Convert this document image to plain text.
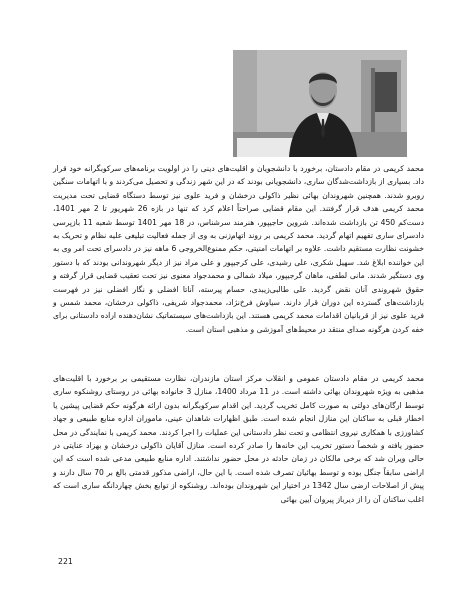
محمد کریمی در مقام دادستان، برخورد با دانشجویان و اقلیت‌های دینی را در اولویت برنامه‌های سرکوبگرانه خود قرار داد. بسیاری از بازداشت‌شدگان ساری، دانشجویانی بودند که در این شهر زندگی و تحصیل می‌کردند و با اتهامات سنگین روبرو شدند. همچنین شهروندان بهائی نظیر ذاکولی درخشان و فرید علوی نیز توسط دستگاه قضایی تحت مدیریت محمد کریمی هدف قرار گرفتند. این مقام قضایی صراحتاً اعلام کرد که تنها در بازه 26 شهریور تا 2 مهر 1401، دست‌کم 450 تن بازداشت شده‌اند. شروین حاجیپور، هنرمند سرشناس، در 18 مهر 1401 توسط شعبه 11 بازپرسی دادسرای ساری تفهیم اتهام گردید. محمد کریمی بر روند اتهام‌زنی به وی از جمله فعالیت تبلیغی علیه نظام و تحریک به خشونت نظارت مستقیم داشت. علاوه بر اتهامات امنیتی، حکم ممنوع‌الخروجی 6 ماهه نیز در دادسرای تحت امر وی به این خواننده ابلاغ شد. سهیل شکری، علی رشیدی، علی کرجیپور و علی مراد نیز از دیگر شهروندانی بودند که با دستور وی دستگیر شدند. مانی لطفی، ماهان گرجیپور، میلاد شمالی و محمدجواد معنوی نیز تحت تعقیب قضایی قرار گرفته و حقوق شهروندی آنان نقض گردید. علی طالبی‌زیبدی، حسام پیرسته، آناتا افضلی و نگار افضلی نیز در فهرست بازداشت‌های گسترده این دوران قرار دارند. سیاوش فرخ‌نژاد، محمدجواد شریفی، ذاکولی درخشان، محمد شمس و فرید علوی نیز از قربانیان اقدامات محمد کریمی هستند. این بازداشت‌های سیستماتیک نشان‌دهنده اراده دادستانی برای خفه کردن هرگونه صدای منتقد در محیط‌های آموزشی و مذهبی استان است.
محمد کریمی در مقام دادستان عمومی و انقلاب مرکز استان مازندران، نظارت مستقیمی بر برخورد با اقلیت‌های مذهبی به ویژه شهروندان بهائی داشته است. در 11 مرداد 1400، منازل 3 خانواده بهائی در روستای روشنکوه ساری توسط ارگان‌های دولتی به صورت کامل تخریب گردید. این اقدام سرکوبگرانه بدون ارائه هرگونه حکم قضایی پیشین یا اخطار قبلی به ساکنان این منازل انجام شده است. طبق اظهارات شاهدان عینی، ماموران اداره منابع طبیعی و جهاد کشاورزی با همکاری نیروی انتظامی و تحت نظر دادستانی این عملیات را اجرا کردند. محمد کریمی با نمایندگی در محل حضور یافته و شخصاً دستور تخریب این خانه‌ها را صادر کرده است. منازل آقایان ذاکولی درخشان و بهزاد عنایتی در حالی ویران شد که برخی مالکان در زمان حادثه در محل حضور نداشتند. اداره منابع طبیعی مدعی شده است که این اراضی سابقاً جنگل بوده و توسط بهائیان تصرف شده است. با این حال، اراضی مذکور قدمتی بالغ بر 70 سال دارند و پیش از اصلاحات ارضی سال 1342 در اختیار این شهروندان بوده‌اند. روشنکوه از توابع بخش چهاردانگه ساری است که اغلب ساکنان آن را از دیرباز پیروان آیین بهائی
221
